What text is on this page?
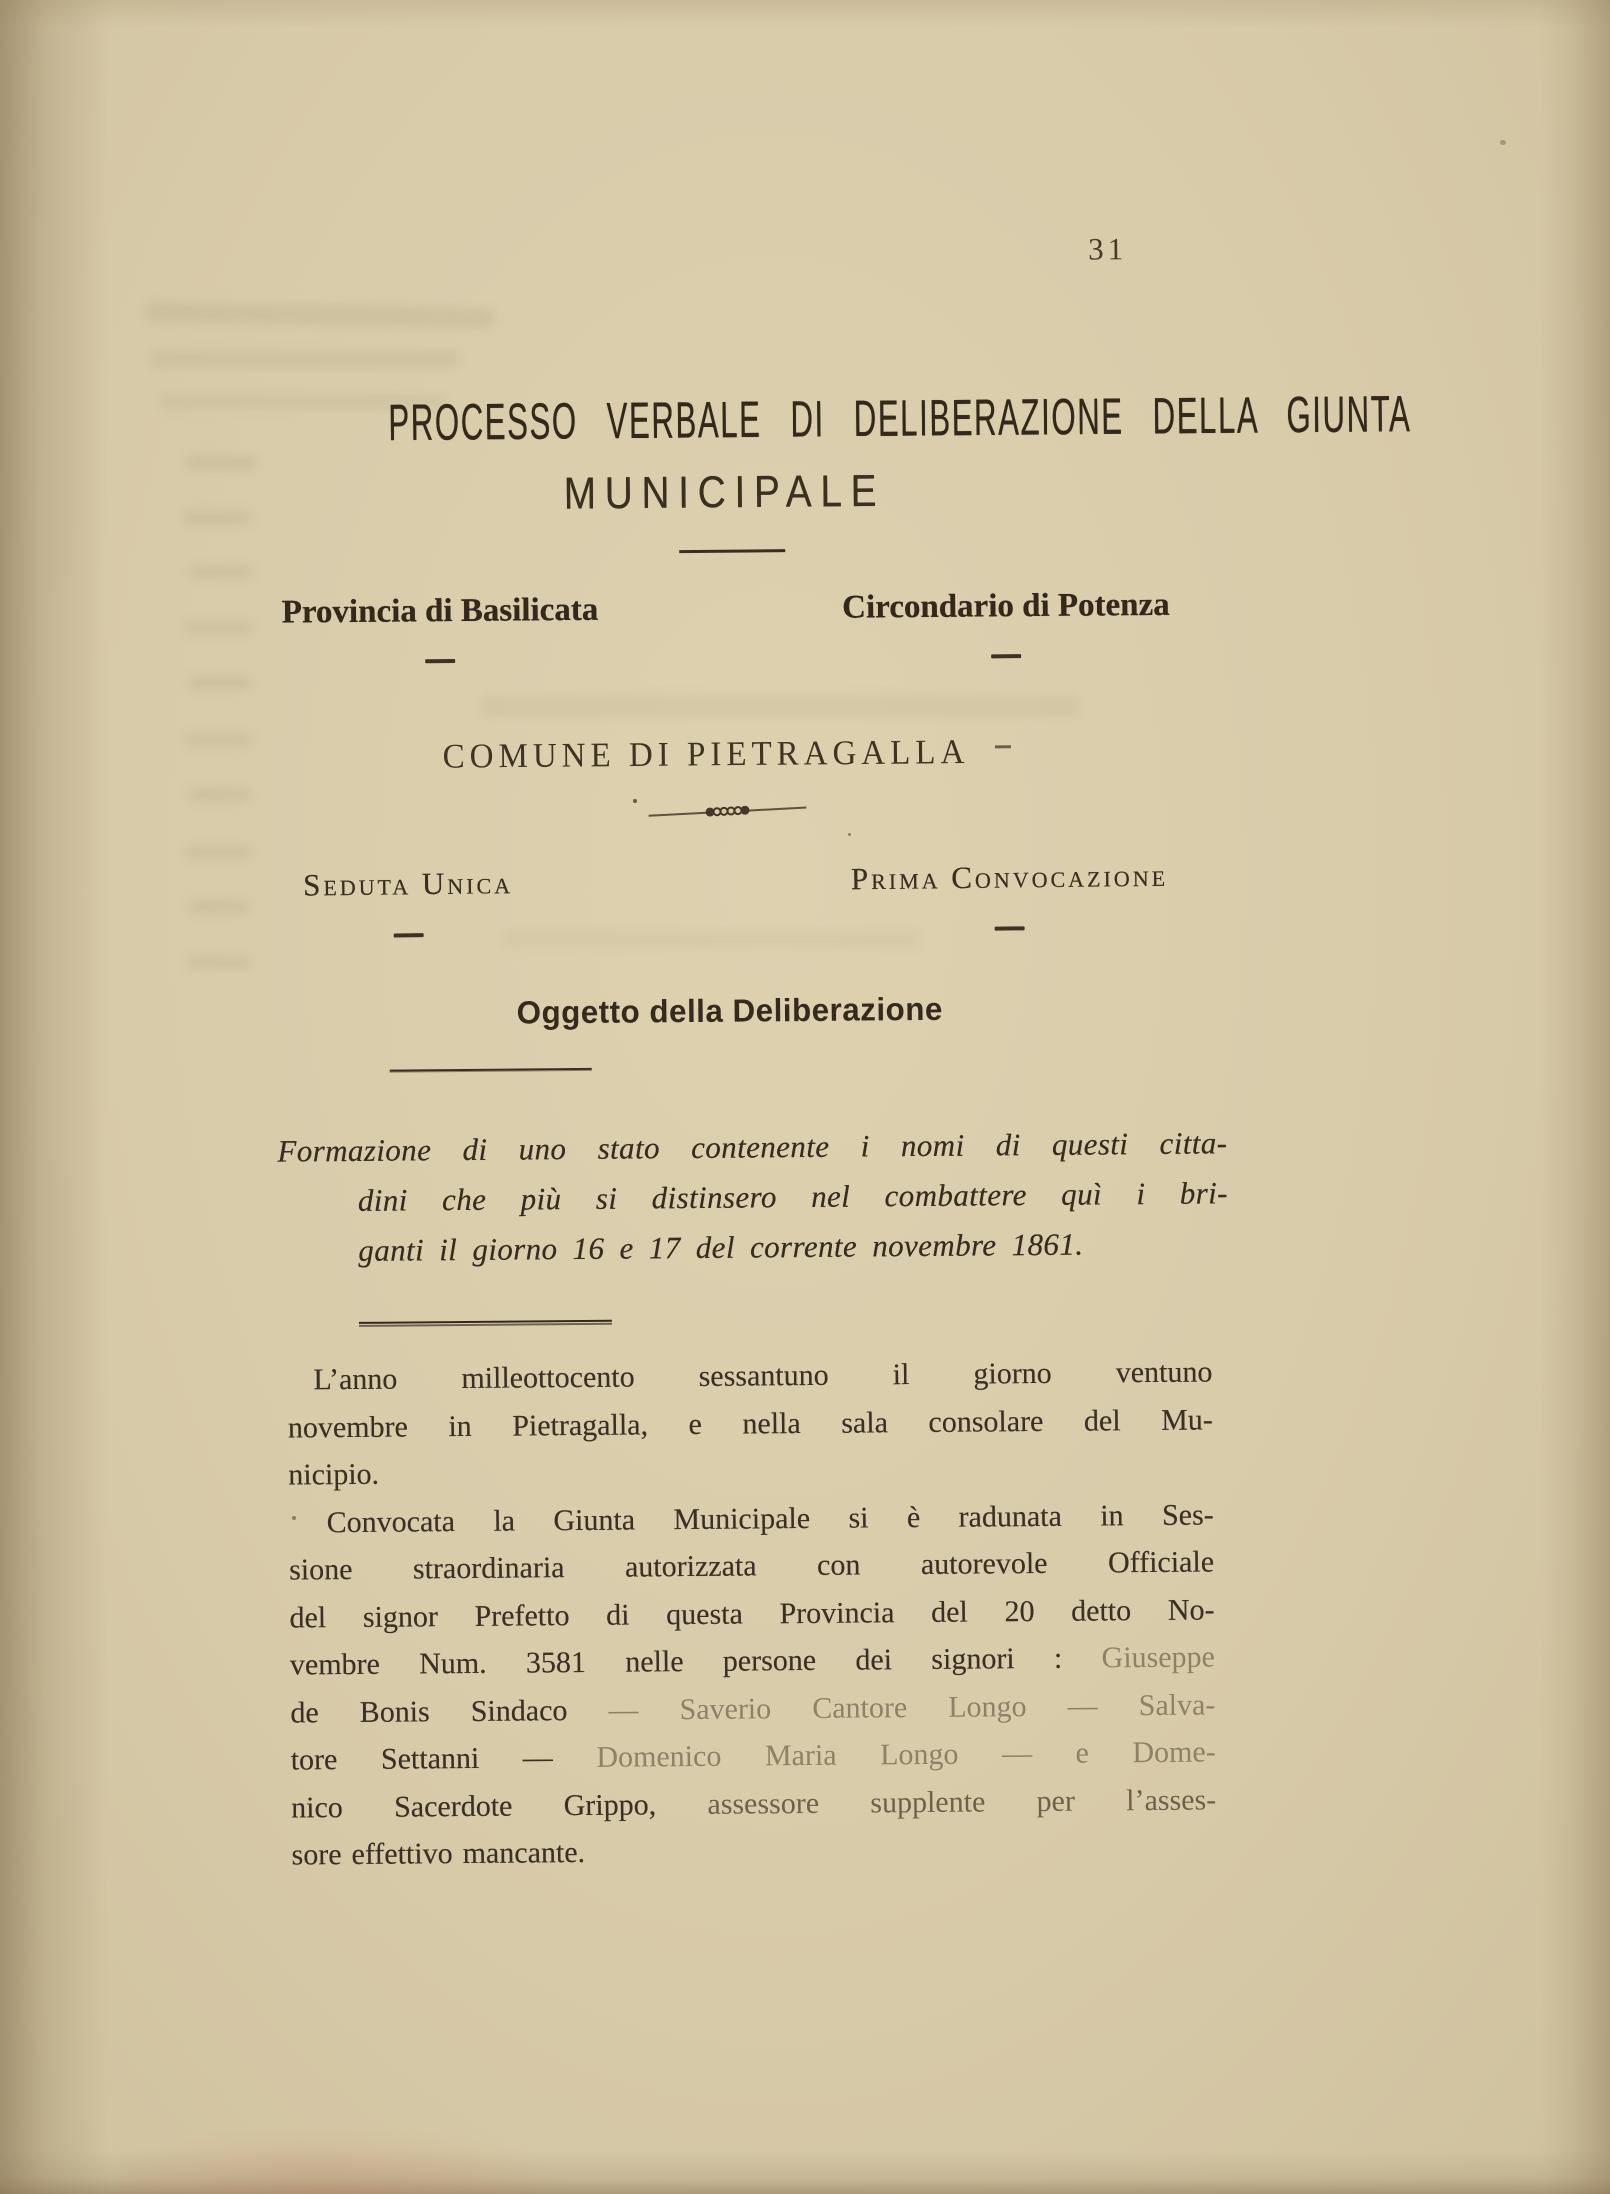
31
PROCESSO VERBALE DI DELIBERAZIONE DELLA GIUNTA
MUNICIPALE
Provincia di Basilicata	Circondario di Potenza
COMUNE DI PIETRAGALLA
Seduta Unica	Prima Convocazione
Oggetto della Deliberazione
Formazione di uno stato contenente i nomi di questi citta-
dini che più si distinsero nel combattere quì i bri-
ganti il giorno 16 e 17 del corrente novembre 1861.
L’anno milleottocento sessantuno il giorno ventuno
novembre in Pietragalla, e nella sala consolare del Mu-
nicipio.
Convocata la Giunta Municipale si è radunata in Ses-
sione straordinaria autorizzata con autorevole Officiale
del signor Prefetto di questa Provincia del 20 detto No-
vembre Num. 3581 nelle persone dei signori : Giuseppe
de Bonis Sindaco — Saverio Cantore Longo — Salva-
tore Settanni — Domenico Maria Longo — e Dome-
nico Sacerdote Grippo, assessore supplente per l’asses-
sore effettivo mancante.
